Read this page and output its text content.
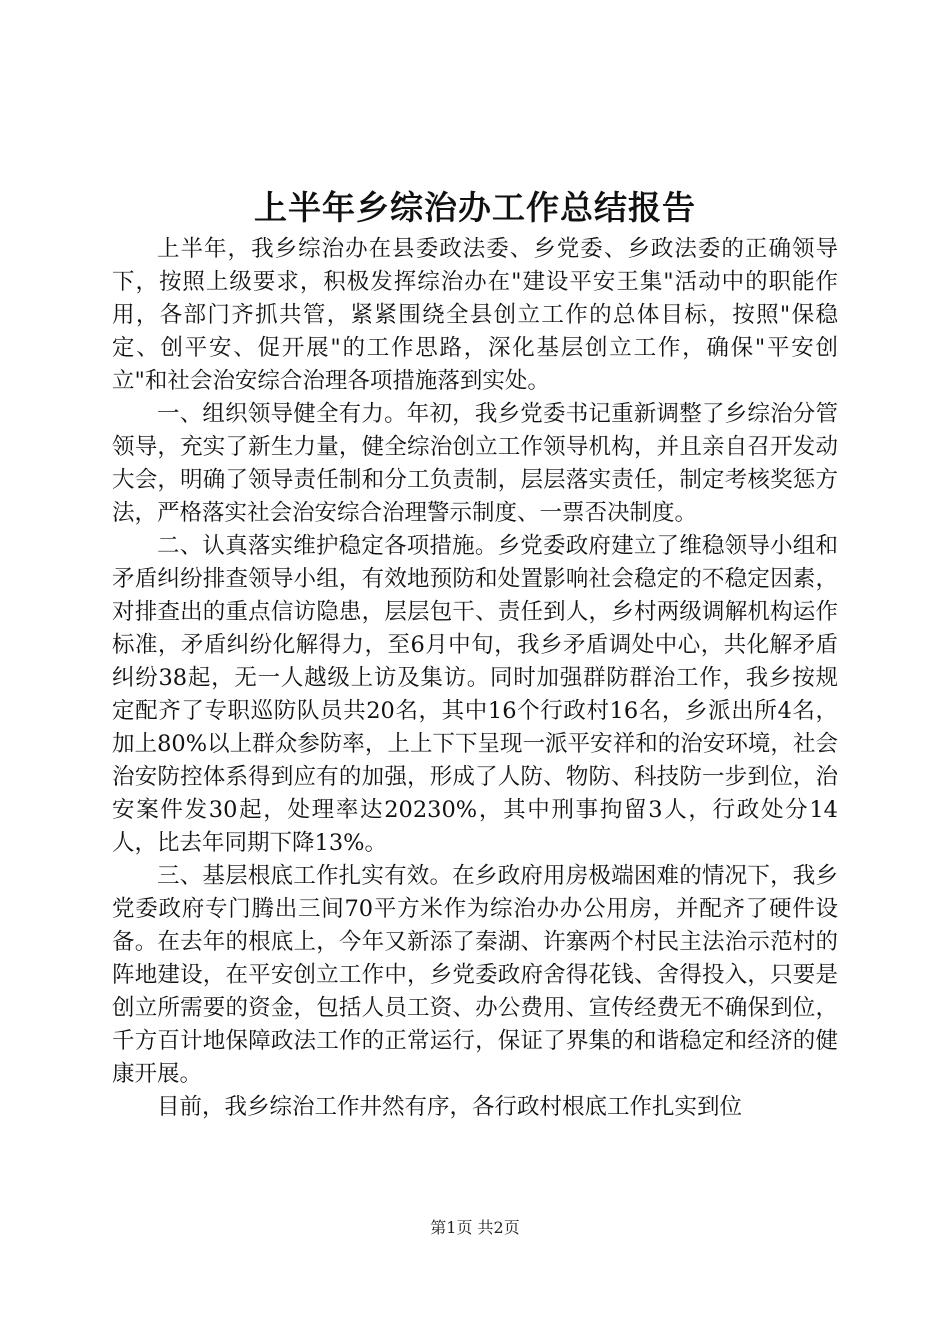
上半年乡综治办工作总结报告

上半年，我乡综治办在县委政法委、乡党委、乡政法委的正确领导下，按照上级要求，积极发挥综治办在"建设平安王集"活动中的职能作用，各部门齐抓共管，紧紧围绕全县创立工作的总体目标，按照"保稳定、创平安、促开展"的工作思路，深化基层创立工作，确保"平安创立"和社会治安综合治理各项措施落到实处。

一、组织领导健全有力。年初，我乡党委书记重新调整了乡综治分管领导，充实了新生力量，健全综治创立工作领导机构，并且亲自召开发动大会，明确了领导责任制和分工负责制，层层落实责任，制定考核奖惩方法，严格落实社会治安综合治理警示制度、一票否决制度。

二、认真落实维护稳定各项措施。乡党委政府建立了维稳领导小组和矛盾纠纷排查领导小组，有效地预防和处置影响社会稳定的不稳定因素，对排查出的重点信访隐患，层层包干、责任到人，乡村两级调解机构运作标准，矛盾纠纷化解得力，至6月中旬，我乡矛盾调处中心，共化解矛盾纠纷38起，无一人越级上访及集访。同时加强群防群治工作，我乡按规定配齐了专职巡防队员共20名，其中16个行政村16名，乡派出所4名，加上80%以上群众参防率，上上下下呈现一派平安祥和的治安环境，社会治安防控体系得到应有的加强，形成了人防、物防、科技防一步到位，治安案件发30起，处理率达20230%，其中刑事拘留3人，行政处分14人，比去年同期下降13%。

三、基层根底工作扎实有效。在乡政府用房极端困难的情况下，我乡党委政府专门腾出三间70平方米作为综治办办公用房，并配齐了硬件设备。在去年的根底上，今年又新添了秦湖、许寨两个村民主法治示范村的阵地建设，在平安创立工作中，乡党委政府舍得花钱、舍得投入，只要是创立所需要的资金，包括人员工资、办公费用、宣传经费无不确保到位，千方百计地保障政法工作的正常运行，保证了界集的和谐稳定和经济的健康开展。

目前，我乡综治工作井然有序，各行政村根底工作扎实到位

第1页 共2页
